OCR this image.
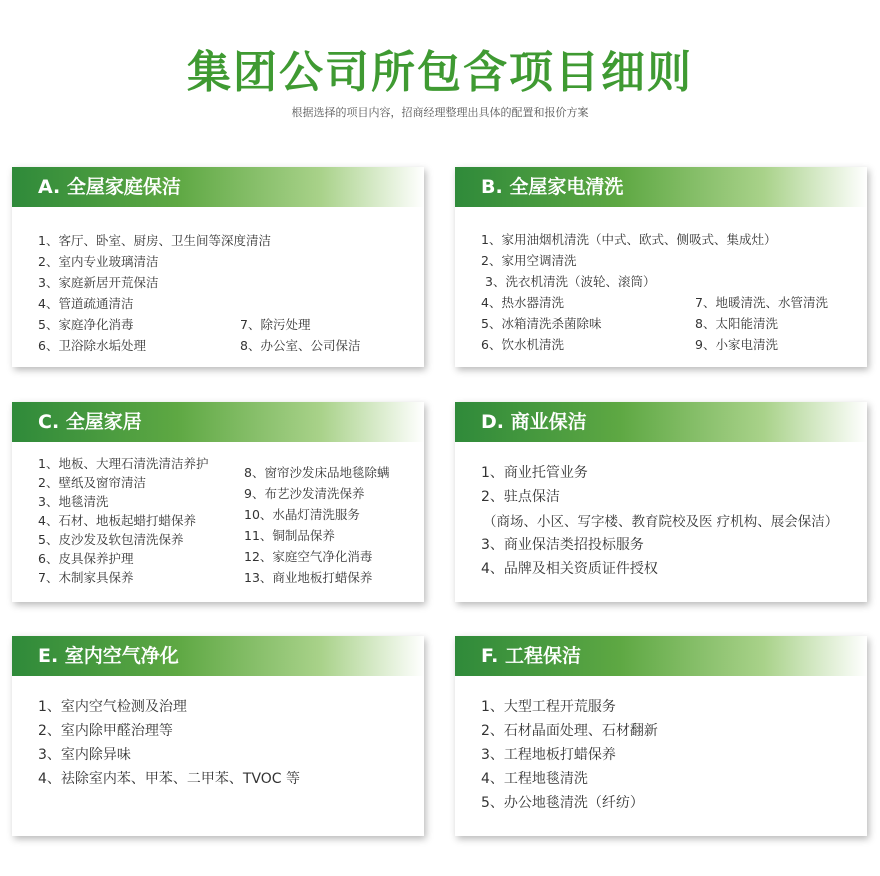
集团公司所包含项目细则
根据选择的项目内容，招商经理整理出具体的配置和报价方案
A. 全屋家庭保洁
1、客厅、卧室、厨房、卫生间等深度清洁
2、室内专业玻璃清洁
3、家庭新居开荒保洁
4、管道疏通清洁
5、家庭净化消毒
6、卫浴除水垢处理
7、除污处理
8、办公室、公司保洁
B. 全屋家电清洗
1、家用油烟机清洗（中式、欧式、侧吸式、集成灶）
2、家用空调清洗
3、洗衣机清洗（波轮、滚筒）
4、热水器清洗
5、冰箱清洗杀菌除味
6、饮水机清洗
7、地暖清洗、水管清洗
8、太阳能清洗
9、小家电清洗
C. 全屋家居
1、地板、大理石清洗清洁养护
2、壁纸及窗帘清洁
3、地毯清洗
4、石材、地板起蜡打蜡保养
5、皮沙发及软包清洗保养
6、皮具保养护理
7、木制家具保养
8、窗帘沙发床品地毯除螨
9、布艺沙发清洗保养
10、水晶灯清洗服务
11、铜制品保养
12、家庭空气净化消毒
13、商业地板打蜡保养
D. 商业保洁
1、商业托管业务
2、驻点保洁
（商场、小区、写字楼、教育院校及医 疗机构、展会保洁）
3、商业保洁类招投标服务
4、品牌及相关资质证件授权
E. 室内空气净化
1、室内空气检测及治理
2、室内除甲醛治理等
3、室内除异味
4、祛除室内苯、甲苯、二甲苯、TVOC 等
F. 工程保洁
1、大型工程开荒服务
2、石材晶面处理、石材翻新
3、工程地板打蜡保养
4、工程地毯清洗
5、办公地毯清洗（纤纺）
